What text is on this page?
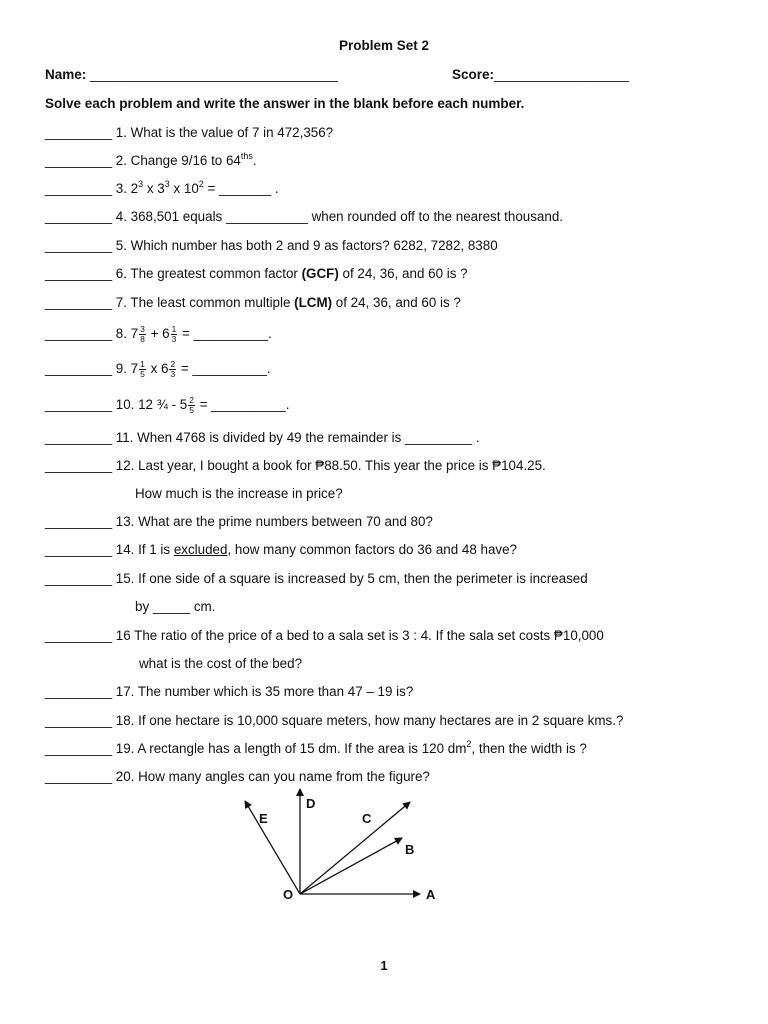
Problem Set 2
Name: _________________________________	Score:__________________
Solve each problem and write the answer in the blank before each number.
_________ 1. What is the value of 7 in 472,356?
_________ 2. Change 9/16 to $64^{ths}$.
_________ 3. $2^3$ x $3^3$ x $10^2$ = _______ .
_________ 4. 368,501 equals ___________ when rounded off to the nearest thousand.
_________ 5. Which number has both 2 and 9 as factors? 6282, 7282, 8380
_________ 6. The greatest common factor (GCF) of 24, 36, and 60 is ?
_________ 7. The least common multiple (LCM) of 24, 36, and 60 is ?
_________ 8. $7 \frac{3}{8} + 6 \frac{1}{3}$ = __________.
_________ 9. $7 \frac{1}{5}$ x $6 \frac{2}{3}$ = __________.
_________ 10. 12 ¾ - $5 \frac{2}{5}$ = __________.
_________ 11. When 4768 is divided by 49 the remainder is _________ .
_________ 12. Last year, I bought a book for ₱88.50. This year the price is ₱104.25.
How much is the increase in price?
_________ 13. What are the prime numbers between 70 and 80?
_________ 14. If 1 is excluded, how many common factors do 36 and 48 have?
_________ 15. If one side of a square is increased by 5 cm, then the perimeter is increased
by _____ cm.
_________ 16 The ratio of the price of a bed to a sala set is 3 : 4. If the sala set costs ₱10,000
what is the cost of the bed?
_________ 17. The number which is 35 more than 47 – 19 is?
_________ 18. If one hectare is 10,000 square meters, how many hectares are in 2 square kms.?
_________ 19. A rectangle has a length of 15 dm. If the area is 120 $dm^2$, then the width is ?
_________ 20. How many angles can you name from the figure?
O	A
B
C
D
E
1
